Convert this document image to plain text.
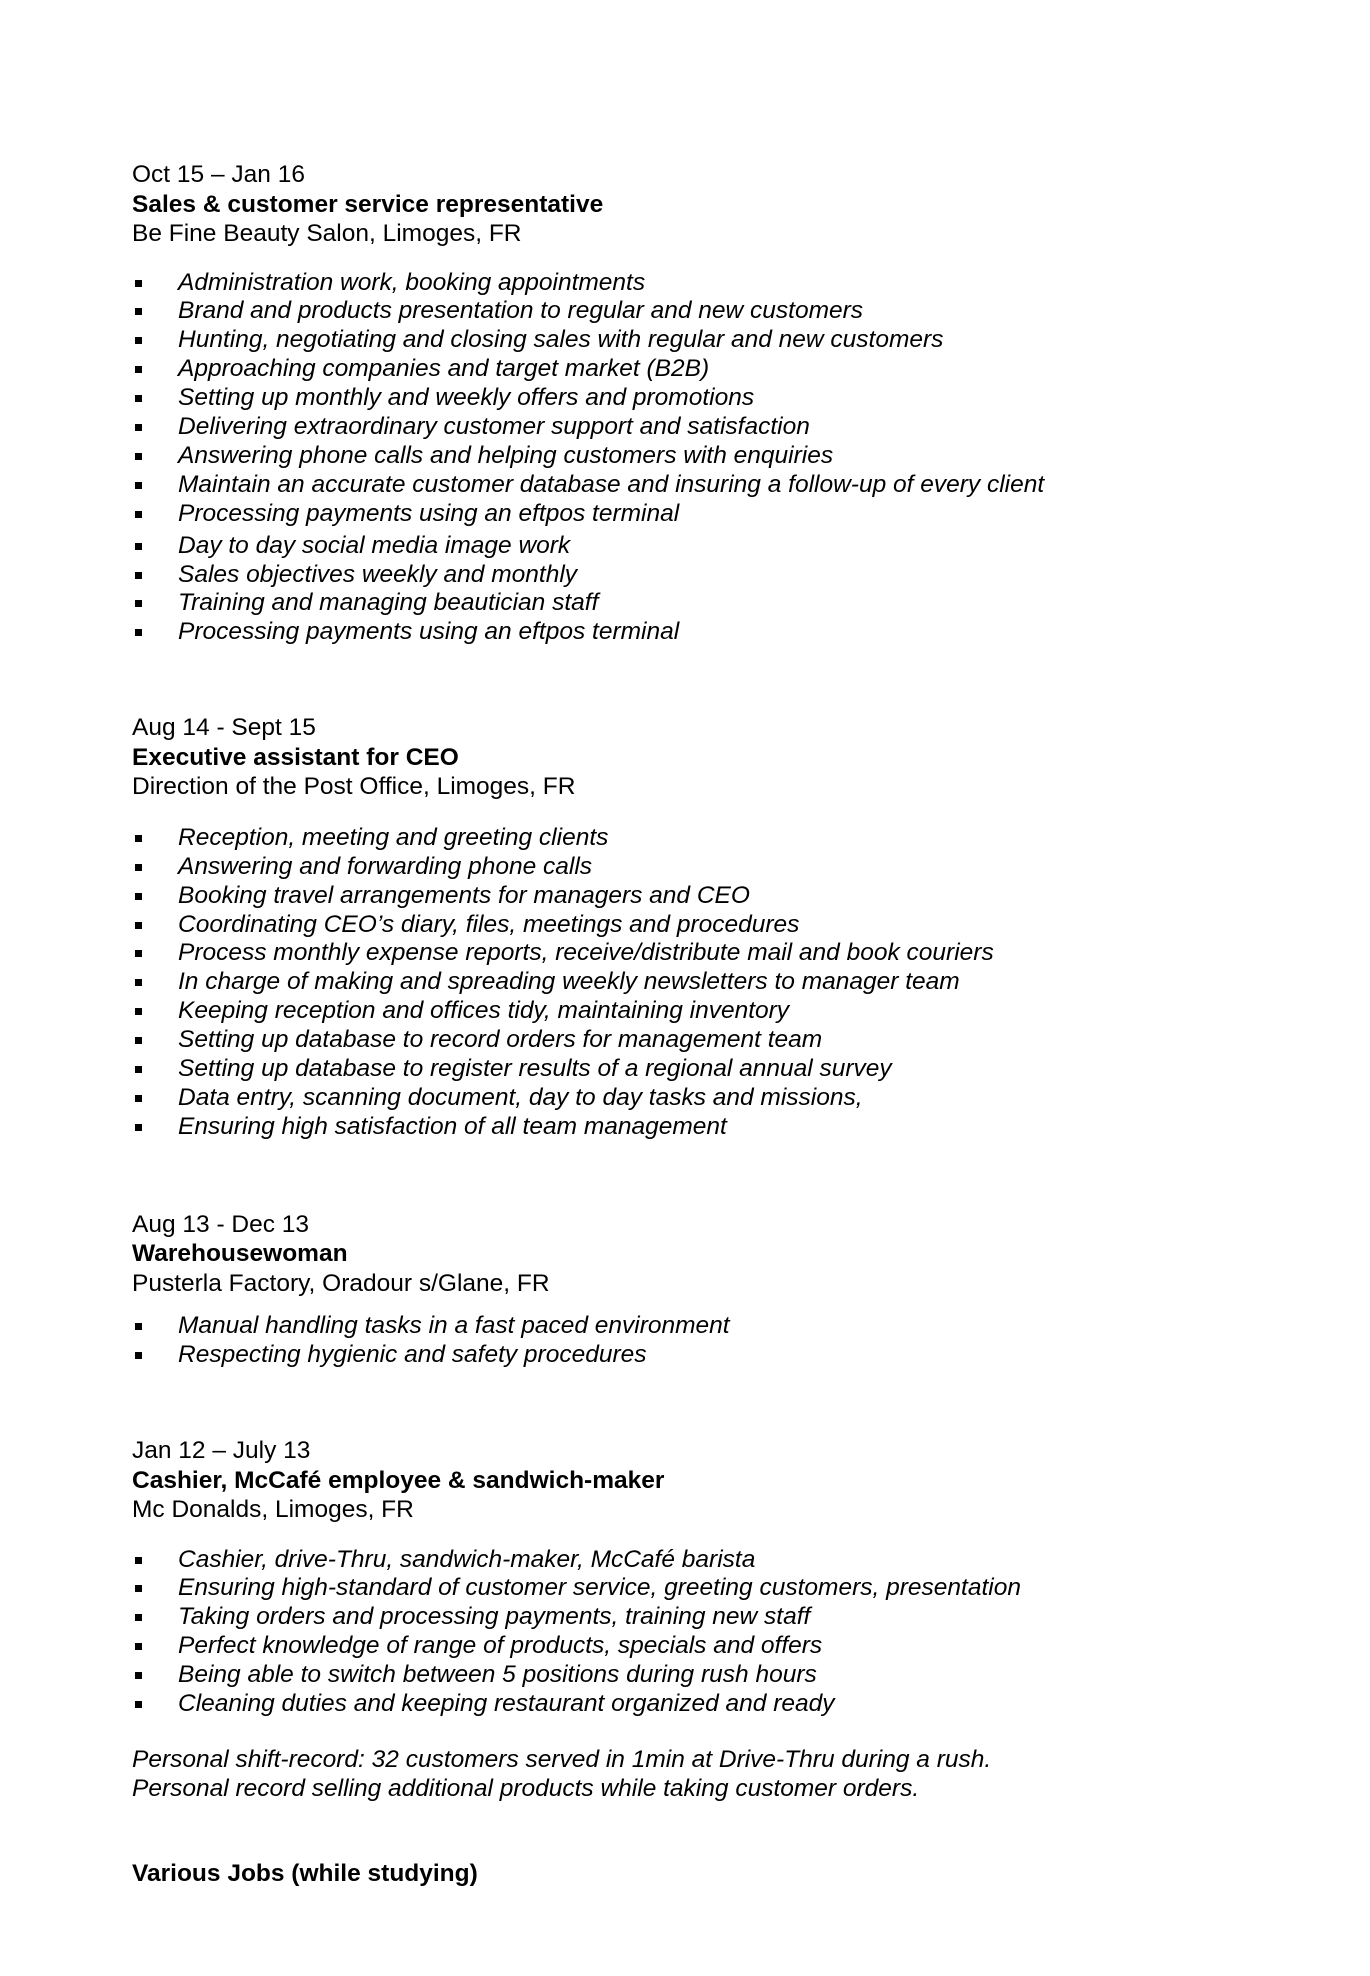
Oct 15 – Jan 16
Sales & customer service representative
Be Fine Beauty Salon, Limoges, FR
Administration work, booking appointments
Brand and products presentation to regular and new customers
Hunting, negotiating and closing sales with regular and new customers
Approaching companies and target market (B2B)
Setting up monthly and weekly offers and promotions
Delivering extraordinary customer support and satisfaction
Answering phone calls and helping customers with enquiries
Maintain an accurate customer database and insuring a follow-up of every client
Processing payments using an eftpos terminal
Day to day social media image work
Sales objectives weekly and monthly
Training and managing beautician staff
Processing payments using an eftpos terminal
Aug 14 - Sept 15
Executive assistant for CEO
Direction of the Post Office, Limoges, FR
Reception, meeting and greeting clients
Answering and forwarding phone calls
Booking travel arrangements for managers and CEO
Coordinating CEO’s diary, files, meetings and procedures
Process monthly expense reports, receive/distribute mail and book couriers
In charge of making and spreading weekly newsletters to manager team
Keeping reception and offices tidy, maintaining inventory
Setting up database to record orders for management team
Setting up database to register results of a regional annual survey
Data entry, scanning document, day to day tasks and missions,
Ensuring high satisfaction of all team management
Aug 13 - Dec 13
Warehousewoman
Pusterla Factory, Oradour s/Glane, FR
Manual handling tasks in a fast paced environment
Respecting hygienic and safety procedures
Jan 12 – July 13
Cashier, McCafé employee & sandwich-maker
Mc Donalds, Limoges, FR
Cashier, drive-Thru, sandwich-maker, McCafé barista
Ensuring high-standard of customer service, greeting customers, presentation
Taking orders and processing payments, training new staff
Perfect knowledge of range of products, specials and offers
Being able to switch between 5 positions during rush hours
Cleaning duties and keeping restaurant organized and ready
Personal shift-record: 32 customers served in 1min at Drive-Thru during a rush.
Personal record selling additional products while taking customer orders.
Various Jobs (while studying)
